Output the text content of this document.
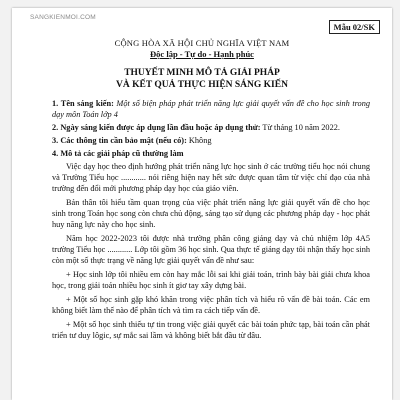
SANGKIENMOI.COM
Mẫu 02/SK
CỘNG HÒA XÃ HỘI CHỦ NGHĨA VIỆT NAM
Độc lập - Tự do - Hạnh phúc
THUYẾT MINH MÔ TẢ GIẢI PHÁP
VÀ KẾT QUẢ THỰC HIỆN SÁNG KIẾN

1. Tên sáng kiến: Một số biện pháp phát triển năng lực giải quyết vấn đề cho học sinh trong dạy môn Toán lớp 4

2. Ngày sáng kiến được áp dụng lần đầu hoặc áp dụng thử: Từ tháng 10 năm 2022.

3. Các thông tin cần bảo mật (nếu có): Không

4. Mô tả các giải pháp cũ thường làm

Việc dạy học theo định hướng phát triển năng lực học sinh ở các trường tiểu học nói chung và Trường Tiểu học ............ nói riêng hiện nay hết sức được quan tâm từ việc chỉ đạo của nhà trường đến đổi mới phương pháp dạy học của giáo viên.

Bản thân tôi hiểu tầm quan trọng của việc phát triển năng lực giải quyết vấn đề cho học sinh trong Toán học song còn chưa chủ động, sáng tạo sử dụng các phương pháp dạy - học phát huy năng lực này cho học sinh.

Năm học 2022-2023 tôi được nhà trường phân công giảng dạy và chủ nhiệm lớp 4A5 trường Tiểu học ............ Lớp tôi gồm 36 học sinh. Qua thực tế giảng dạy tôi nhận thấy học sinh còn một số thực trạng về năng lực giải quyết vấn đề như sau:

+ Học sinh lớp tôi nhiều em còn hay mắc lỗi sai khi giải toán, trình bày bài giải chưa khoa học, trong giải toán nhiều học sinh ít giơ tay xây dựng bài.

+ Một số học sinh gặp khó khăn trong việc phân tích và hiểu rõ vấn đề bài toán. Các em không biết làm thế nào để phân tích và tìm ra cách tiếp vấn đề.

+ Một số học sinh thiếu tự tin trong việc giải quyết các bài toán phức tạp, bài toán cần phát triển tư duy lôgic, sự mắc sai lầm và không biết bắt đầu từ đâu.
